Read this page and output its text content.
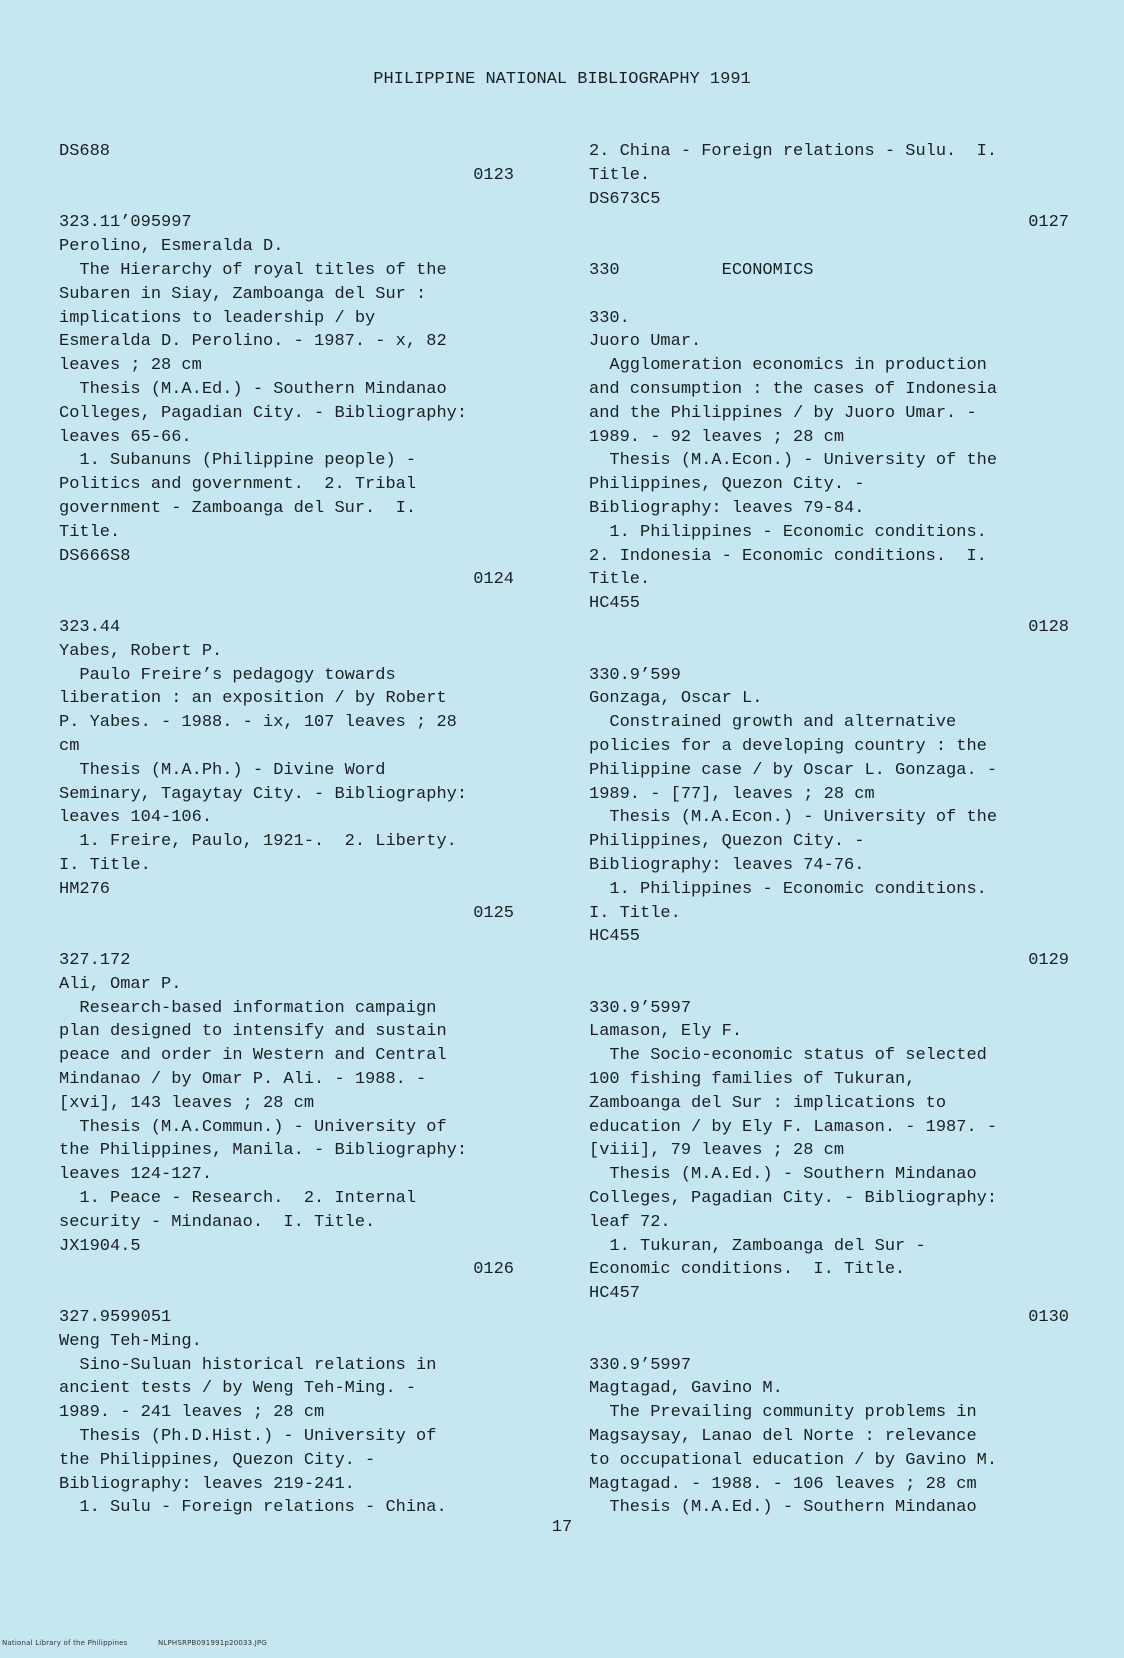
PHILIPPINE NATIONAL BIBLIOGRAPHY 1991
DS688
0123
323.11’095997
Perolino, Esmeralda D.
The Hierarchy of royal titles of the
Subaren in Siay, Zamboanga del Sur :
implications to leadership / by
Esmeralda D. Perolino. - 1987. - x, 82
leaves ; 28 cm
Thesis (M.A.Ed.) - Southern Mindanao
Colleges, Pagadian City. - Bibliography:
leaves 65-66.
1. Subanuns (Philippine people) -
Politics and government.  2. Tribal
government - Zamboanga del Sur.  I.
Title.
DS666S8
0124
323.44
Yabes, Robert P.
Paulo Freire’s pedagogy towards
liberation : an exposition / by Robert
P. Yabes. - 1988. - ix, 107 leaves ; 28
cm
Thesis (M.A.Ph.) - Divine Word
Seminary, Tagaytay City. - Bibliography:
leaves 104-106.
1. Freire, Paulo, 1921-.  2. Liberty.
I. Title.
HM276
0125
327.172
Ali, Omar P.
Research-based information campaign
plan designed to intensify and sustain
peace and order in Western and Central
Mindanao / by Omar P. Ali. - 1988. -
[xvi], 143 leaves ; 28 cm
Thesis (M.A.Commun.) - University of
the Philippines, Manila. - Bibliography:
leaves 124-127.
1. Peace - Research.  2. Internal
security - Mindanao.  I. Title.
JX1904.5
0126
327.9599051
Weng Teh-Ming.
Sino-Suluan historical relations in
ancient tests / by Weng Teh-Ming. -
1989. - 241 leaves ; 28 cm
Thesis (Ph.D.Hist.) - University of
the Philippines, Quezon City. -
Bibliography: leaves 219-241.
1. Sulu - Foreign relations - China.
2. China - Foreign relations - Sulu.  I.
Title.
DS673C5
0127
330          ECONOMICS
330.
Juoro Umar.
Agglomeration economics in production
and consumption : the cases of Indonesia
and the Philippines / by Juoro Umar. -
1989. - 92 leaves ; 28 cm
Thesis (M.A.Econ.) - University of the
Philippines, Quezon City. -
Bibliography: leaves 79-84.
1. Philippines - Economic conditions.
2. Indonesia - Economic conditions.  I.
Title.
HC455
0128
330.9’599
Gonzaga, Oscar L.
Constrained growth and alternative
policies for a developing country : the
Philippine case / by Oscar L. Gonzaga. -
1989. - [77], leaves ; 28 cm
Thesis (M.A.Econ.) - University of the
Philippines, Quezon City. -
Bibliography: leaves 74-76.
1. Philippines - Economic conditions.
I. Title.
HC455
0129
330.9’5997
Lamason, Ely F.
The Socio-economic status of selected
100 fishing families of Tukuran,
Zamboanga del Sur : implications to
education / by Ely F. Lamason. - 1987. -
[viii], 79 leaves ; 28 cm
Thesis (M.A.Ed.) - Southern Mindanao
Colleges, Pagadian City. - Bibliography:
leaf 72.
1. Tukuran, Zamboanga del Sur -
Economic conditions.  I. Title.
HC457
0130
330.9’5997
Magtagad, Gavino M.
The Prevailing community problems in
Magsaysay, Lanao del Norte : relevance
to occupational education / by Gavino M.
Magtagad. - 1988. - 106 leaves ; 28 cm
Thesis (M.A.Ed.) - Southern Mindanao
17
National Library of the Philippines	NLPHSRPB091991p20033.JPG
